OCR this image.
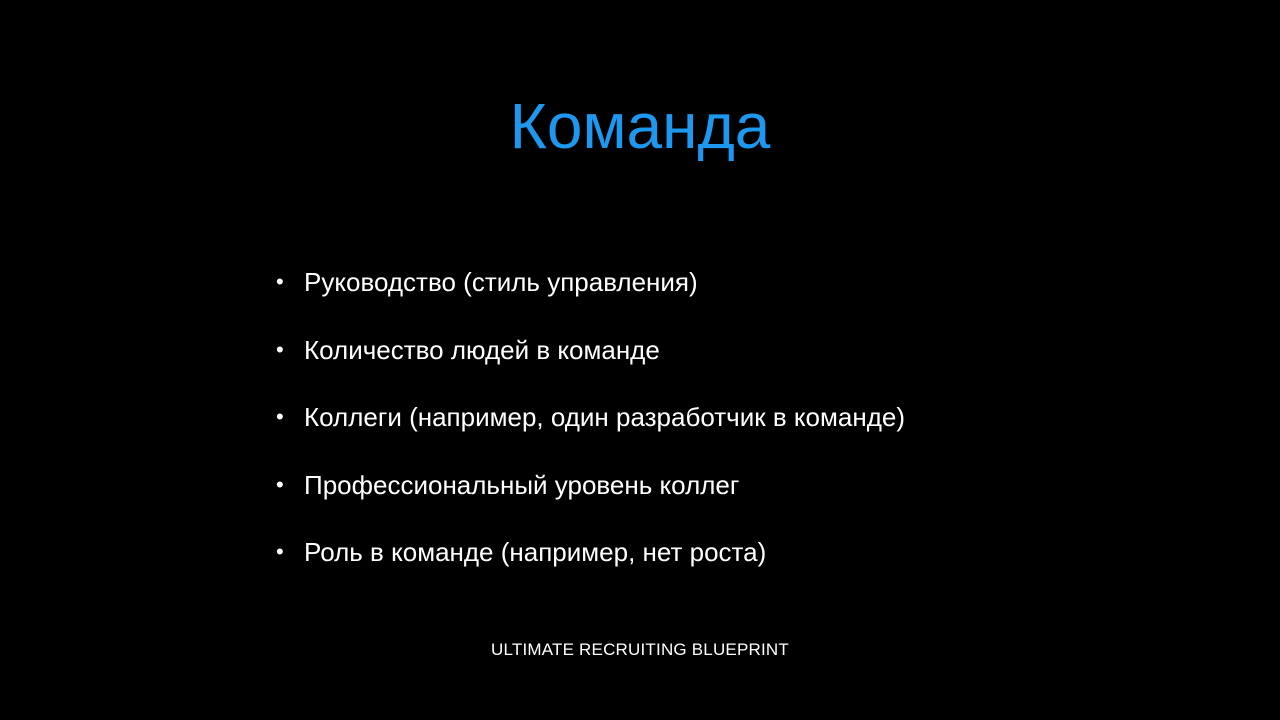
Команда
• Руководство (стиль управления)
• Количество людей в команде
• Коллеги (например, один разработчик в команде)
• Профессиональный уровень коллег
• Роль в команде (например, нет роста)
ULTIMATE RECRUITING BLUEPRINT
